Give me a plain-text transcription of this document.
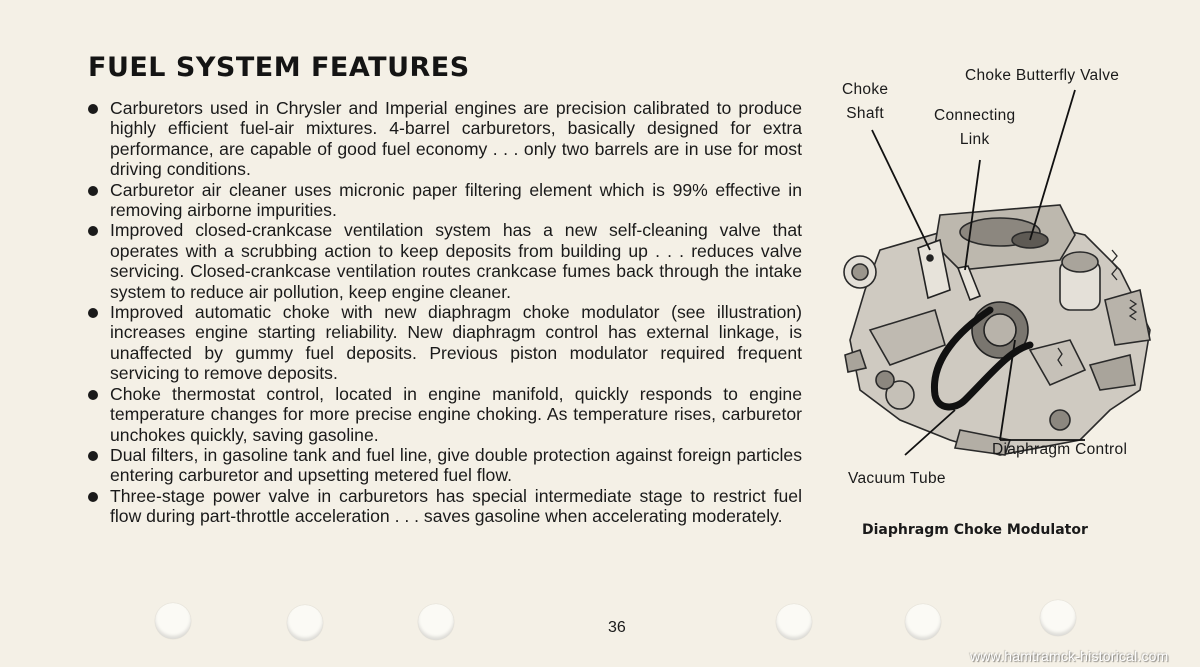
FUEL SYSTEM FEATURES
Carburetors used in Chrysler and Imperial engines are precision calibrated to produce highly efficient fuel-air mixtures. 4-barrel carburetors, basically designed for extra performance, are capable of good fuel economy . . . only two barrels are in use for most driving conditions.
Carburetor air cleaner uses micronic paper filtering element which is 99% effective in removing airborne impurities.
Improved closed-crankcase ventilation system has a new self-cleaning valve that operates with a scrubbing action to keep deposits from building up . . . reduces valve servicing. Closed-crankcase ventilation routes crankcase fumes back through the intake system to reduce air pollution, keep engine cleaner.
Improved automatic choke with new diaphragm choke modulator (see illustration) increases engine starting reliability. New diaphragm control has external linkage, is unaffected by gummy fuel deposits. Previous piston modulator required frequent servicing to remove deposits.
Choke thermostat control, located in engine manifold, quickly responds to engine temperature changes for more precise engine choking. As temperature rises, carburetor unchokes quickly, saving gasoline.
Dual filters, in gasoline tank and fuel line, give double protection against foreign particles entering carburetor and upsetting metered fuel flow.
Three-stage power valve in carburetors has special intermediate stage to restrict fuel flow during part-throttle acceleration . . . saves gasoline when accelerating moderately.
Choke
Shaft
Choke Butterfly Valve
Connecting
Link
Diaphragm Control
Vacuum Tube
Diaphragm Choke Modulator
36
www.hamtramck-historical.com
